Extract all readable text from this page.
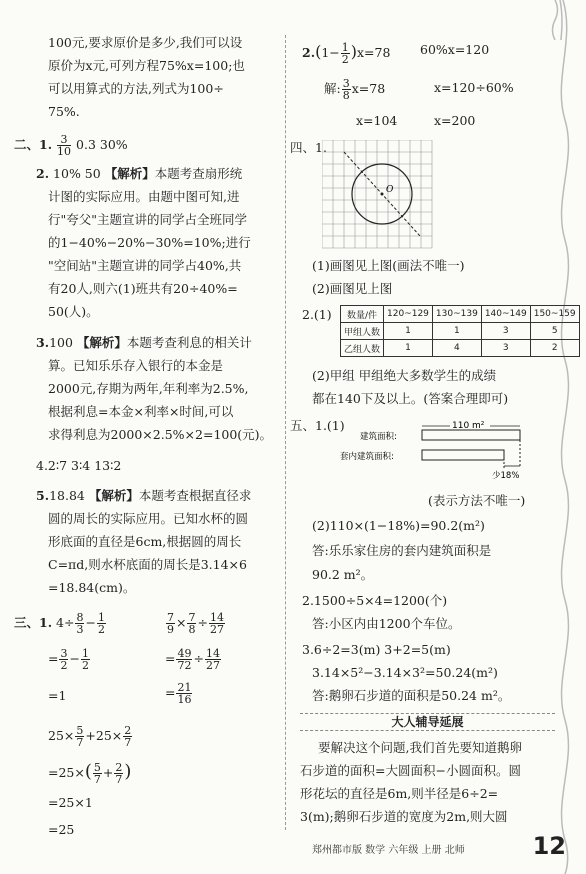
100元,要求原价是多少,我们可以设
原价为x元,可列方程75%x=100;也
可以用算式的方法,列式为100÷
75%.
二、1. $\frac{3}{10} 0.3$ 30%
2. 10% 50 【解析】本题考查扇形统
计图的实际应用。由题中图可知,进
行"夸父"主题宣讲的同学占全班同学
的1−40%−20%−30%=10%;进行
"空间站"主题宣讲的同学占40%,共
有20人,则六(1)班共有20÷40%=
50(人)。
3.100 【解析】本题考查利息的相关计
算。已知乐乐存入银行的本金是
2000元,存期为两年,年利率为2.5%,
根据利息=本金×利率×时间,可以
求得利息为2000×2.5%×2=100(元)。
4.2∶7 3∶4 13∶2
5.18.84 【解析】本题考查根据直径求
圆的周长的实际应用。已知水杯的圆
形底面的直径是6cm,根据圆的周长
C=πd,则水杯底面的周长是3.14×6
=18.84(cm)。
三、1. $4\div \frac{8}{3} - \frac{1}{2}$	$\frac{7}{9} \times \frac{7}{8} \div \frac{14}{27}$
= $\frac{3}{2} - \frac{1}{2}$	= $\frac{49}{72} \div \frac{14}{27}$
=1	= $\frac{21}{16}$
$25\times \frac{5}{7} +25\times \frac{2}{7}$
$=25\times( \frac{5}{7} + \frac{2}{7}$ )
=25×1
=25
$2.(1- \frac{1}{2} )x=78$ 60%x=120
解: $\frac{3}{8} x=78$	x=120÷60%
x=104	x=200
四、1.
O
(1)画图见上图(画法不唯一)
(2)画图见上图
2.(1) 数量/件	120~129	130~139	140~149	150~159
甲组人数	1	1	3	5
乙组人数	1	4	3	2
(2)甲组 甲组绝大多数学生的成绩
都在140下及以上。(答案合理即可)
五、1.(1)	110 m²
建筑面积:
套内建筑面积:
少18%
(表示方法不唯一)
(2)110×(1−18%)=90.2(m²)
答:乐乐家住房的套内建筑面积是
90.2 m²。
2.1500÷5×4=1200(个)
答:小区内由1200个车位。
3.6÷2=3(m) 3+2=5(m)
3.14×5²−3.14×3²=50.24(m²)
答:鹅卵石步道的面积是50.24 m²。
大人辅导延展
要解决这个问题,我们首先要知道鹅卵
石步道的面积=大圆面积−小圆面积。圆
形花坛的直径是6m,则半径是6÷2=
3(m);鹅卵石步道的宽度为2m,则大圆
郑州都市版 数学 六年级 上册 北师	12
